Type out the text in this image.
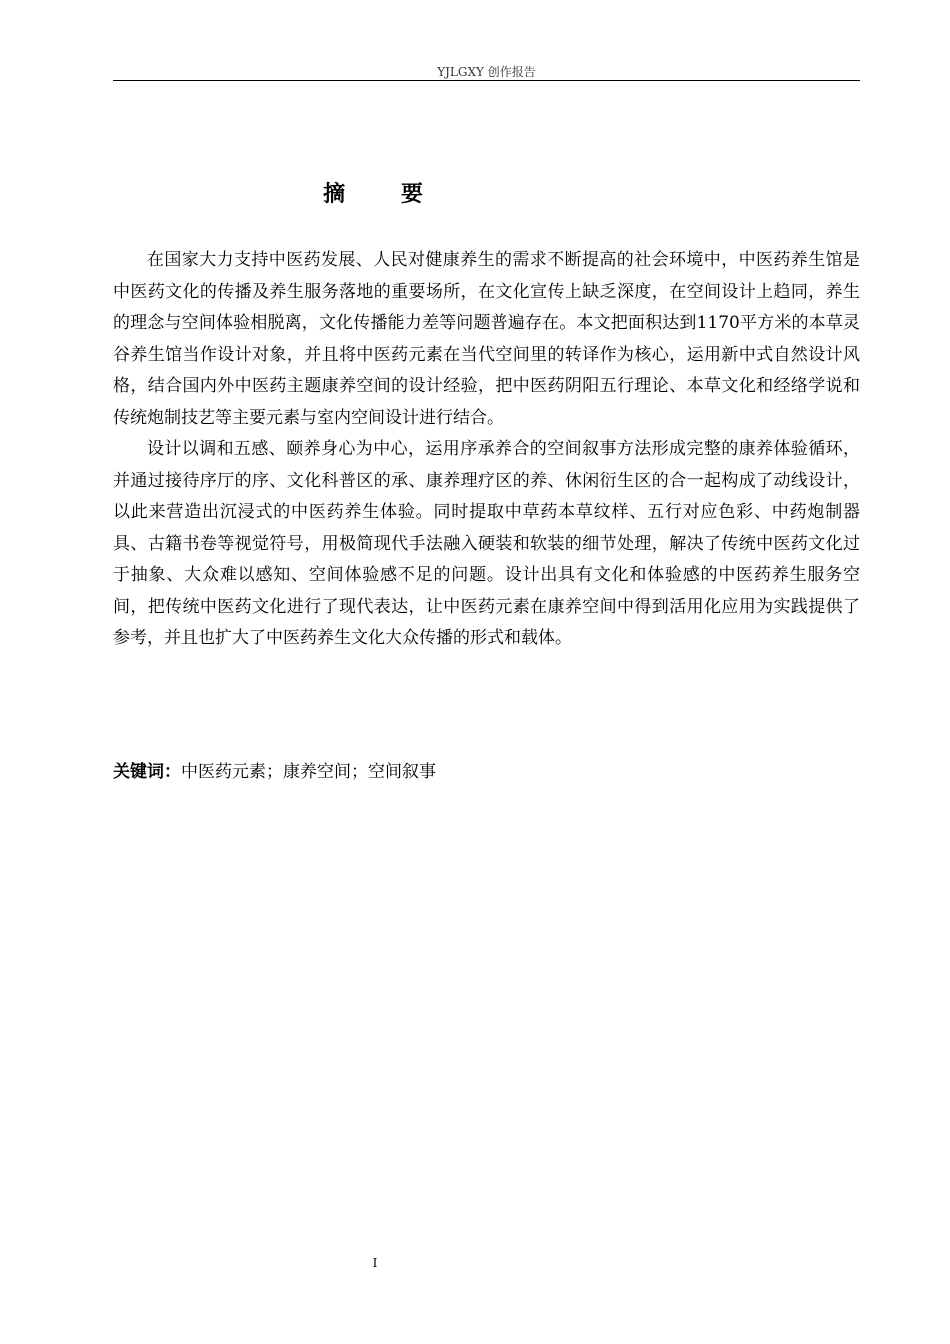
YJLGXY 创作报告
摘 要

在国家大力支持中医药发展、人民对健康养生的需求不断提高的社会环境中，中医药养生馆是中医药文化的传播及养生服务落地的重要场所，在文化宣传上缺乏深度，在空间设计上趋同，养生的理念与空间体验相脱离，文化传播能力差等问题普遍存在。本文把面积达到1170平方米的本草灵谷养生馆当作设计对象，并且将中医药元素在当代空间里的转译作为核心，运用新中式自然设计风格，结合国内外中医药主题康养空间的设计经验，把中医药阴阳五行理论、本草文化和经络学说和传统炮制技艺等主要元素与室内空间设计进行结合。

设计以调和五感、颐养身心为中心，运用序承养合的空间叙事方法形成完整的康养体验循环，并通过接待序厅的序、文化科普区的承、康养理疗区的养、休闲衍生区的合一起构成了动线设计，以此来营造出沉浸式的中医药养生体验。同时提取中草药本草纹样、五行对应色彩、中药炮制器具、古籍书卷等视觉符号，用极简现代手法融入硬装和软装的细节处理，解决了传统中医药文化过于抽象、大众难以感知、空间体验感不足的问题。设计出具有文化和体验感的中医药养生服务空间，把传统中医药文化进行了现代表达，让中医药元素在康养空间中得到活用化应用为实践提供了参考，并且也扩大了中医药养生文化大众传播的形式和载体。

关键词：中医药元素；康养空间；空间叙事
I
